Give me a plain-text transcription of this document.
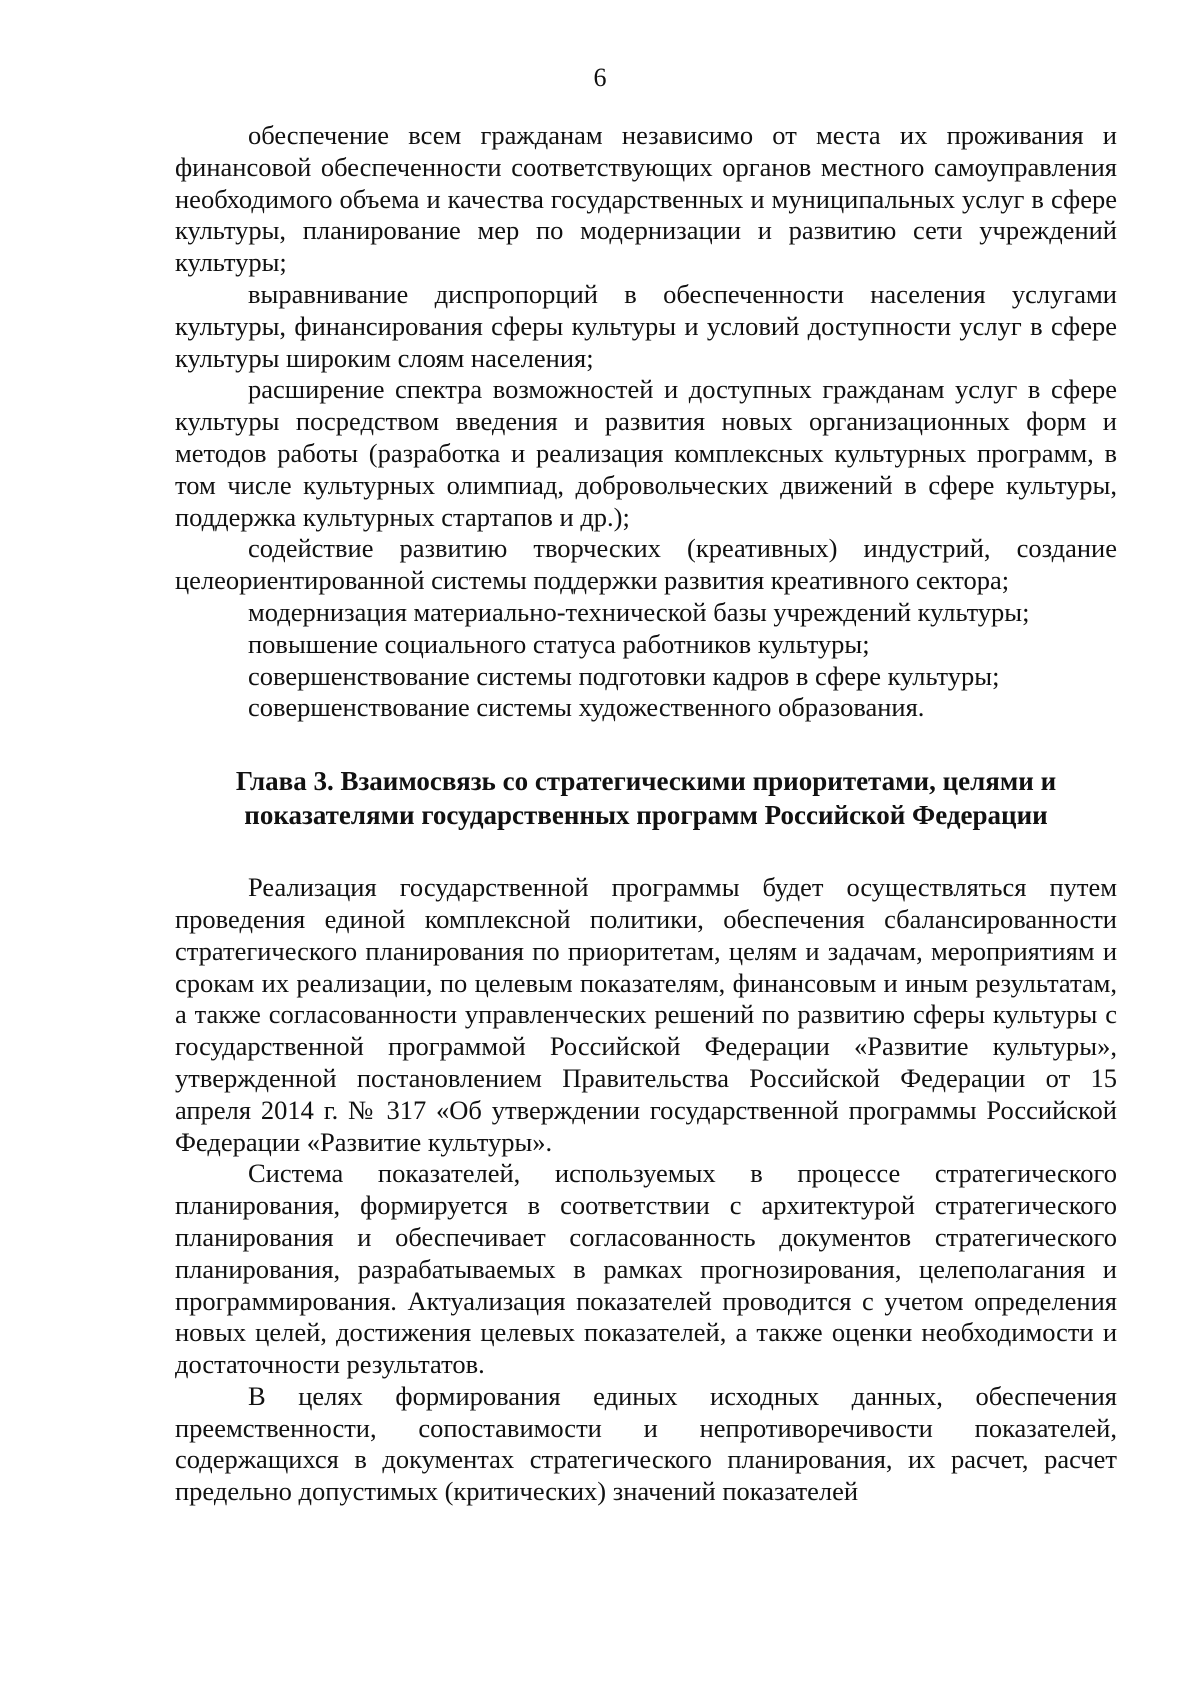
6

обеспечение всем гражданам независимо от места их проживания и финансовой обеспеченности соответствующих органов местного самоуправления необходимого объема и качества государственных и муниципальных услуг в сфере культуры, планирование мер по модернизации и развитию сети учреждений культуры;

выравнивание диспропорций в обеспеченности населения услугами культуры, финансирования сферы культуры и условий доступности услуг в сфере культуры широким слоям населения;

расширение спектра возможностей и доступных гражданам услуг в сфере культуры посредством введения и развития новых организационных форм и методов работы (разработка и реализация комплексных культурных программ, в том числе культурных олимпиад, добровольческих движений в сфере культуры, поддержка культурных стартапов и др.);

содействие развитию творческих (креативных) индустрий, создание целеориентированной системы поддержки развития креативного сектора;

модернизация материально-технической базы учреждений культуры;

повышение социального статуса работников культуры;

совершенствование системы подготовки кадров в сфере культуры;

совершенствование системы художественного образования.

Глава 3. Взаимосвязь со стратегическими приоритетами, целями и
показателями государственных программ Российской Федерации

Реализация государственной программы будет осуществляться путем проведения единой комплексной политики, обеспечения сбалансированности стратегического планирования по приоритетам, целям и задачам, мероприятиям и срокам их реализации, по целевым показателям, финансовым и иным результатам, а также согласованности управленческих решений по развитию сферы культуры с государственной программой Российской Федерации «Развитие культуры», утвержденной постановлением Правительства Российской Федерации от 15 апреля 2014 г. № 317 «Об утверждении государственной программы Российской Федерации «Развитие культуры».

Система показателей, используемых в процессе стратегического планирования, формируется в соответствии с архитектурой стратегического планирования и обеспечивает согласованность документов стратегического планирования, разрабатываемых в рамках прогнозирования, целеполагания и программирования. Актуализация показателей проводится с учетом определения новых целей, достижения целевых показателей, а также оценки необходимости и достаточности результатов.

В целях формирования единых исходных данных, обеспечения преемственности, сопоставимости и непротиворечивости показателей, содержащихся в документах стратегического планирования, их расчет, расчет предельно допустимых (критических) значений показателей
